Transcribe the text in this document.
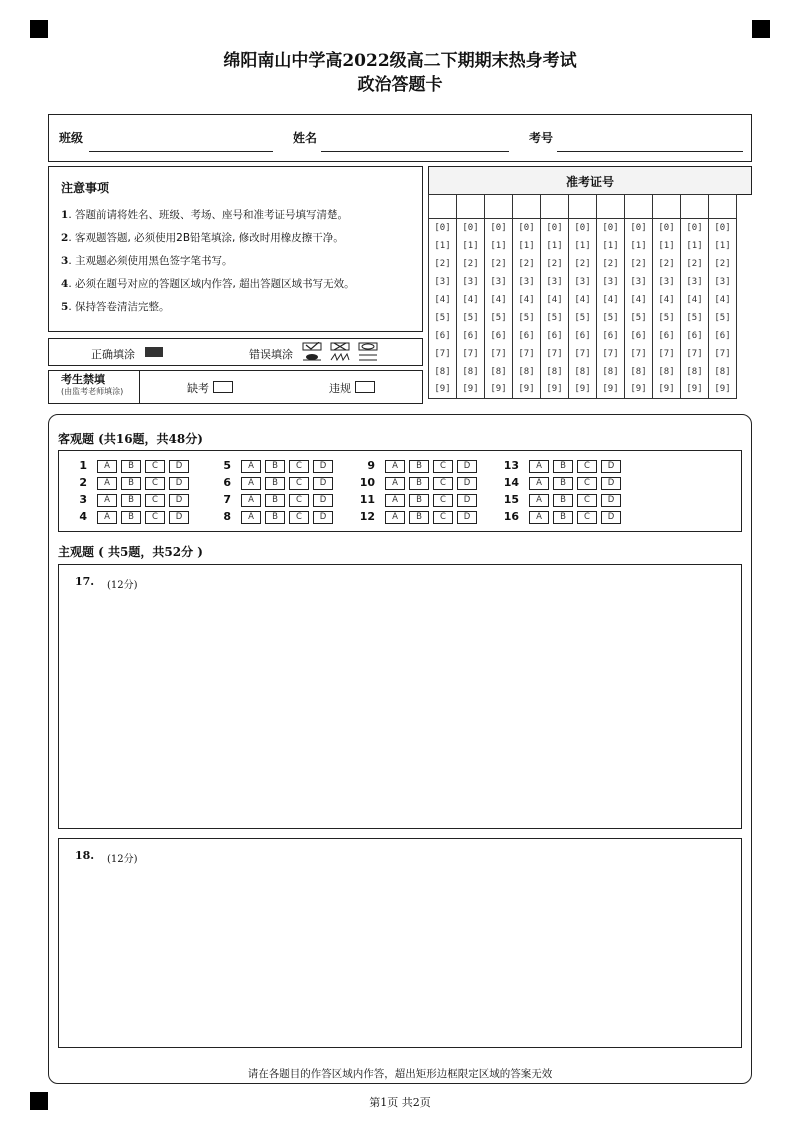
绵阳南山中学高2022级高二下期期末热身考试
政治答题卡
班级	姓名	考号
注意事项
1. 答题前请将姓名、班级、考场、座号和准考证号填写清楚。
2. 客观题答题, 必须使用2B铅笔填涂, 修改时用橡皮擦干净。
3. 主观题必须使用黑色签字笔书写。
4. 必须在题号对应的答题区域内作答, 超出答题区域书写无效。
5. 保持答卷清洁完整。
正确填涂	错误填涂
考生禁填
(由监考老师填涂)	缺考	违规
准考证号

[0]	[0]	[0]	[0]	[0]	[0]	[0]	[0]	[0]	[0]	[0]
[1]	[1]	[1]	[1]	[1]	[1]	[1]	[1]	[1]	[1]	[1]
[2]	[2]	[2]	[2]	[2]	[2]	[2]	[2]	[2]	[2]	[2]
[3]	[3]	[3]	[3]	[3]	[3]	[3]	[3]	[3]	[3]	[3]
[4]	[4]	[4]	[4]	[4]	[4]	[4]	[4]	[4]	[4]	[4]
[5]	[5]	[5]	[5]	[5]	[5]	[5]	[5]	[5]	[5]	[5]
[6]	[6]	[6]	[6]	[6]	[6]	[6]	[6]	[6]	[6]	[6]
[7]	[7]	[7]	[7]	[7]	[7]	[7]	[7]	[7]	[7]	[7]
[8]	[8]	[8]	[8]	[8]	[8]	[8]	[8]	[8]	[8]	[8]
[9]	[9]	[9]	[9]	[9]	[9]	[9]	[9]	[9]	[9]	[9]
客观题 (共16题，共48分)
1	A	B	C	D
2	A	B	C	D
3	A	B	C	D
4	A	B	C	D
5	A	B	C	D
6	A	B	C	D
7	A	B	C	D
8	A	B	C	D
9	A	B	C	D
10	A	B	C	D
11	A	B	C	D
12	A	B	C	D
13	A	B	C	D
14	A	B	C	D
15	A	B	C	D
16	A	B	C	D
主观题 ( 共5题，共52分 )
17. (12分)
18. (12分)
请在各题目的作答区域内作答，超出矩形边框限定区域的答案无效
第1页 共2页
